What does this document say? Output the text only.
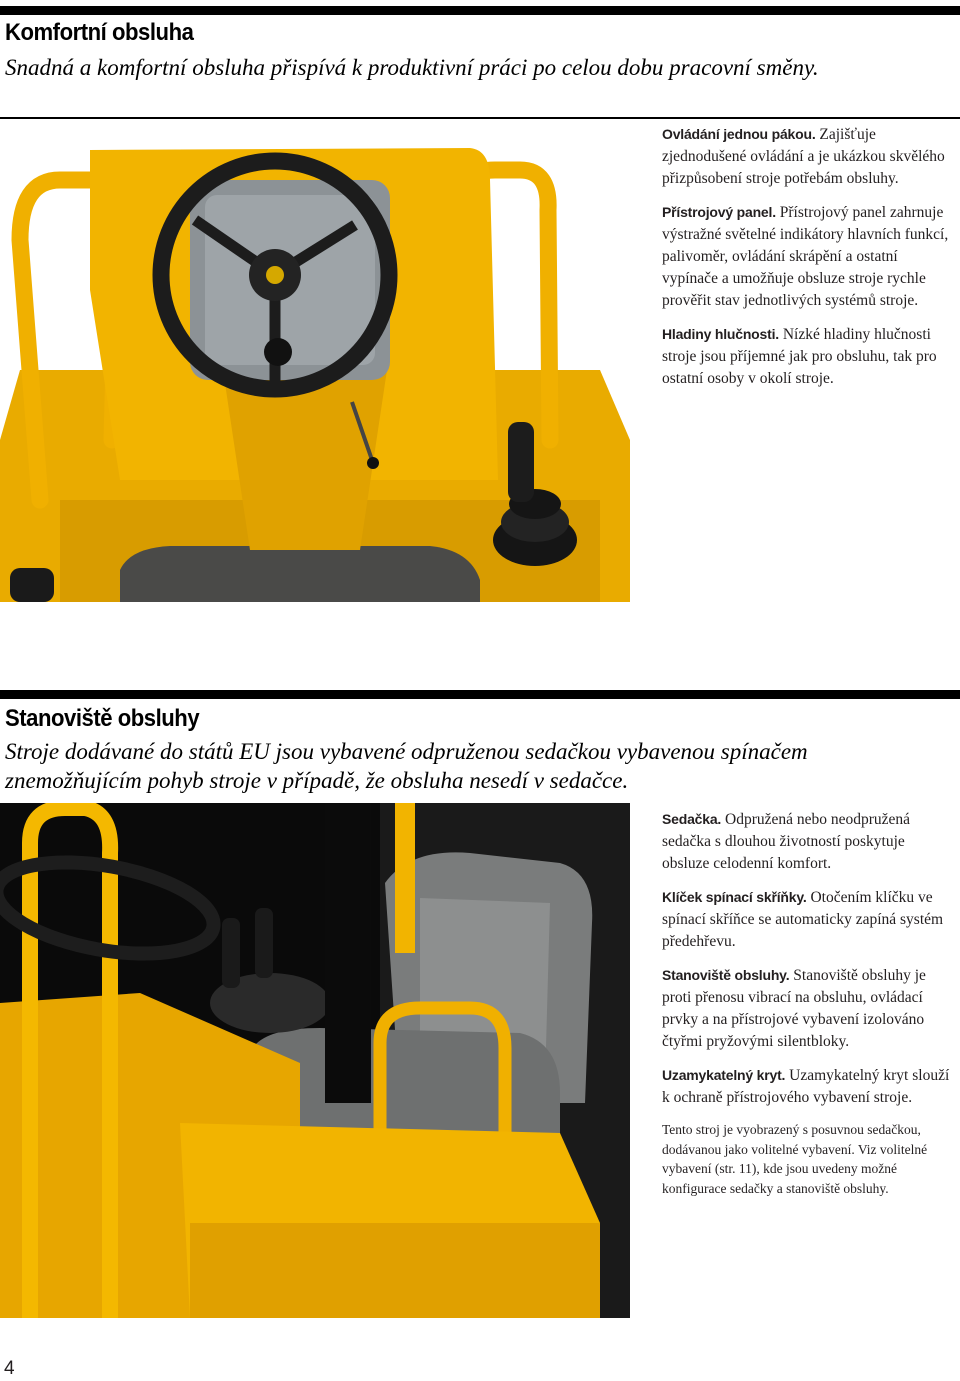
Komfortní obsluha

Snadná a komfortní obsluha přispívá k produktivní práci po celou dobu pracovní směny.

Ovládání jednou pákou. Zajišťuje zjednodušené ovládání a je ukázkou skvělého přizpůsobení stroje potřebám obsluhy.

Přístrojový panel. Přístrojový panel zahrnuje výstražné světelné indikátory hlavních funkcí, palivoměr, ovládání skrápění a ostatní vypínače a umožňuje obsluze stroje rychle prověřit stav jednotlivých systémů stroje.

Hladiny hlučnosti. Nízké hladiny hlučnosti stroje jsou příjemné jak pro obsluhu, tak pro ostatní osoby v okolí stroje.

Stanoviště obsluhy

Stroje dodávané do států EU jsou vybavené odpruženou sedačkou vybavenou spínačem znemožňujícím pohyb stroje v případě, že obsluha nesedí v sedačce.

Sedačka. Odpružená nebo neodpružená sedačka s dlouhou životností poskytuje obsluze celodenní komfort.

Klíček spínací skříňky. Otočením klíčku ve spínací skříňce se automaticky zapíná systém předehřevu.

Stanoviště obsluhy. Stanoviště obsluhy je proti přenosu vibrací na obsluhu, ovládací prvky a na přístrojové vybavení izolováno čtyřmi pryžovými silentbloky.

Uzamykatelný kryt. Uzamykatelný kryt slouží k ochraně přístrojového vybavení stroje.

Tento stroj je vyobrazený s posuvnou sedačkou, dodávanou jako volitelné vybavení. Viz volitelné vybavení (str. 11), kde jsou uvedeny možné konfigurace sedačky a stanoviště obsluhy.

4
